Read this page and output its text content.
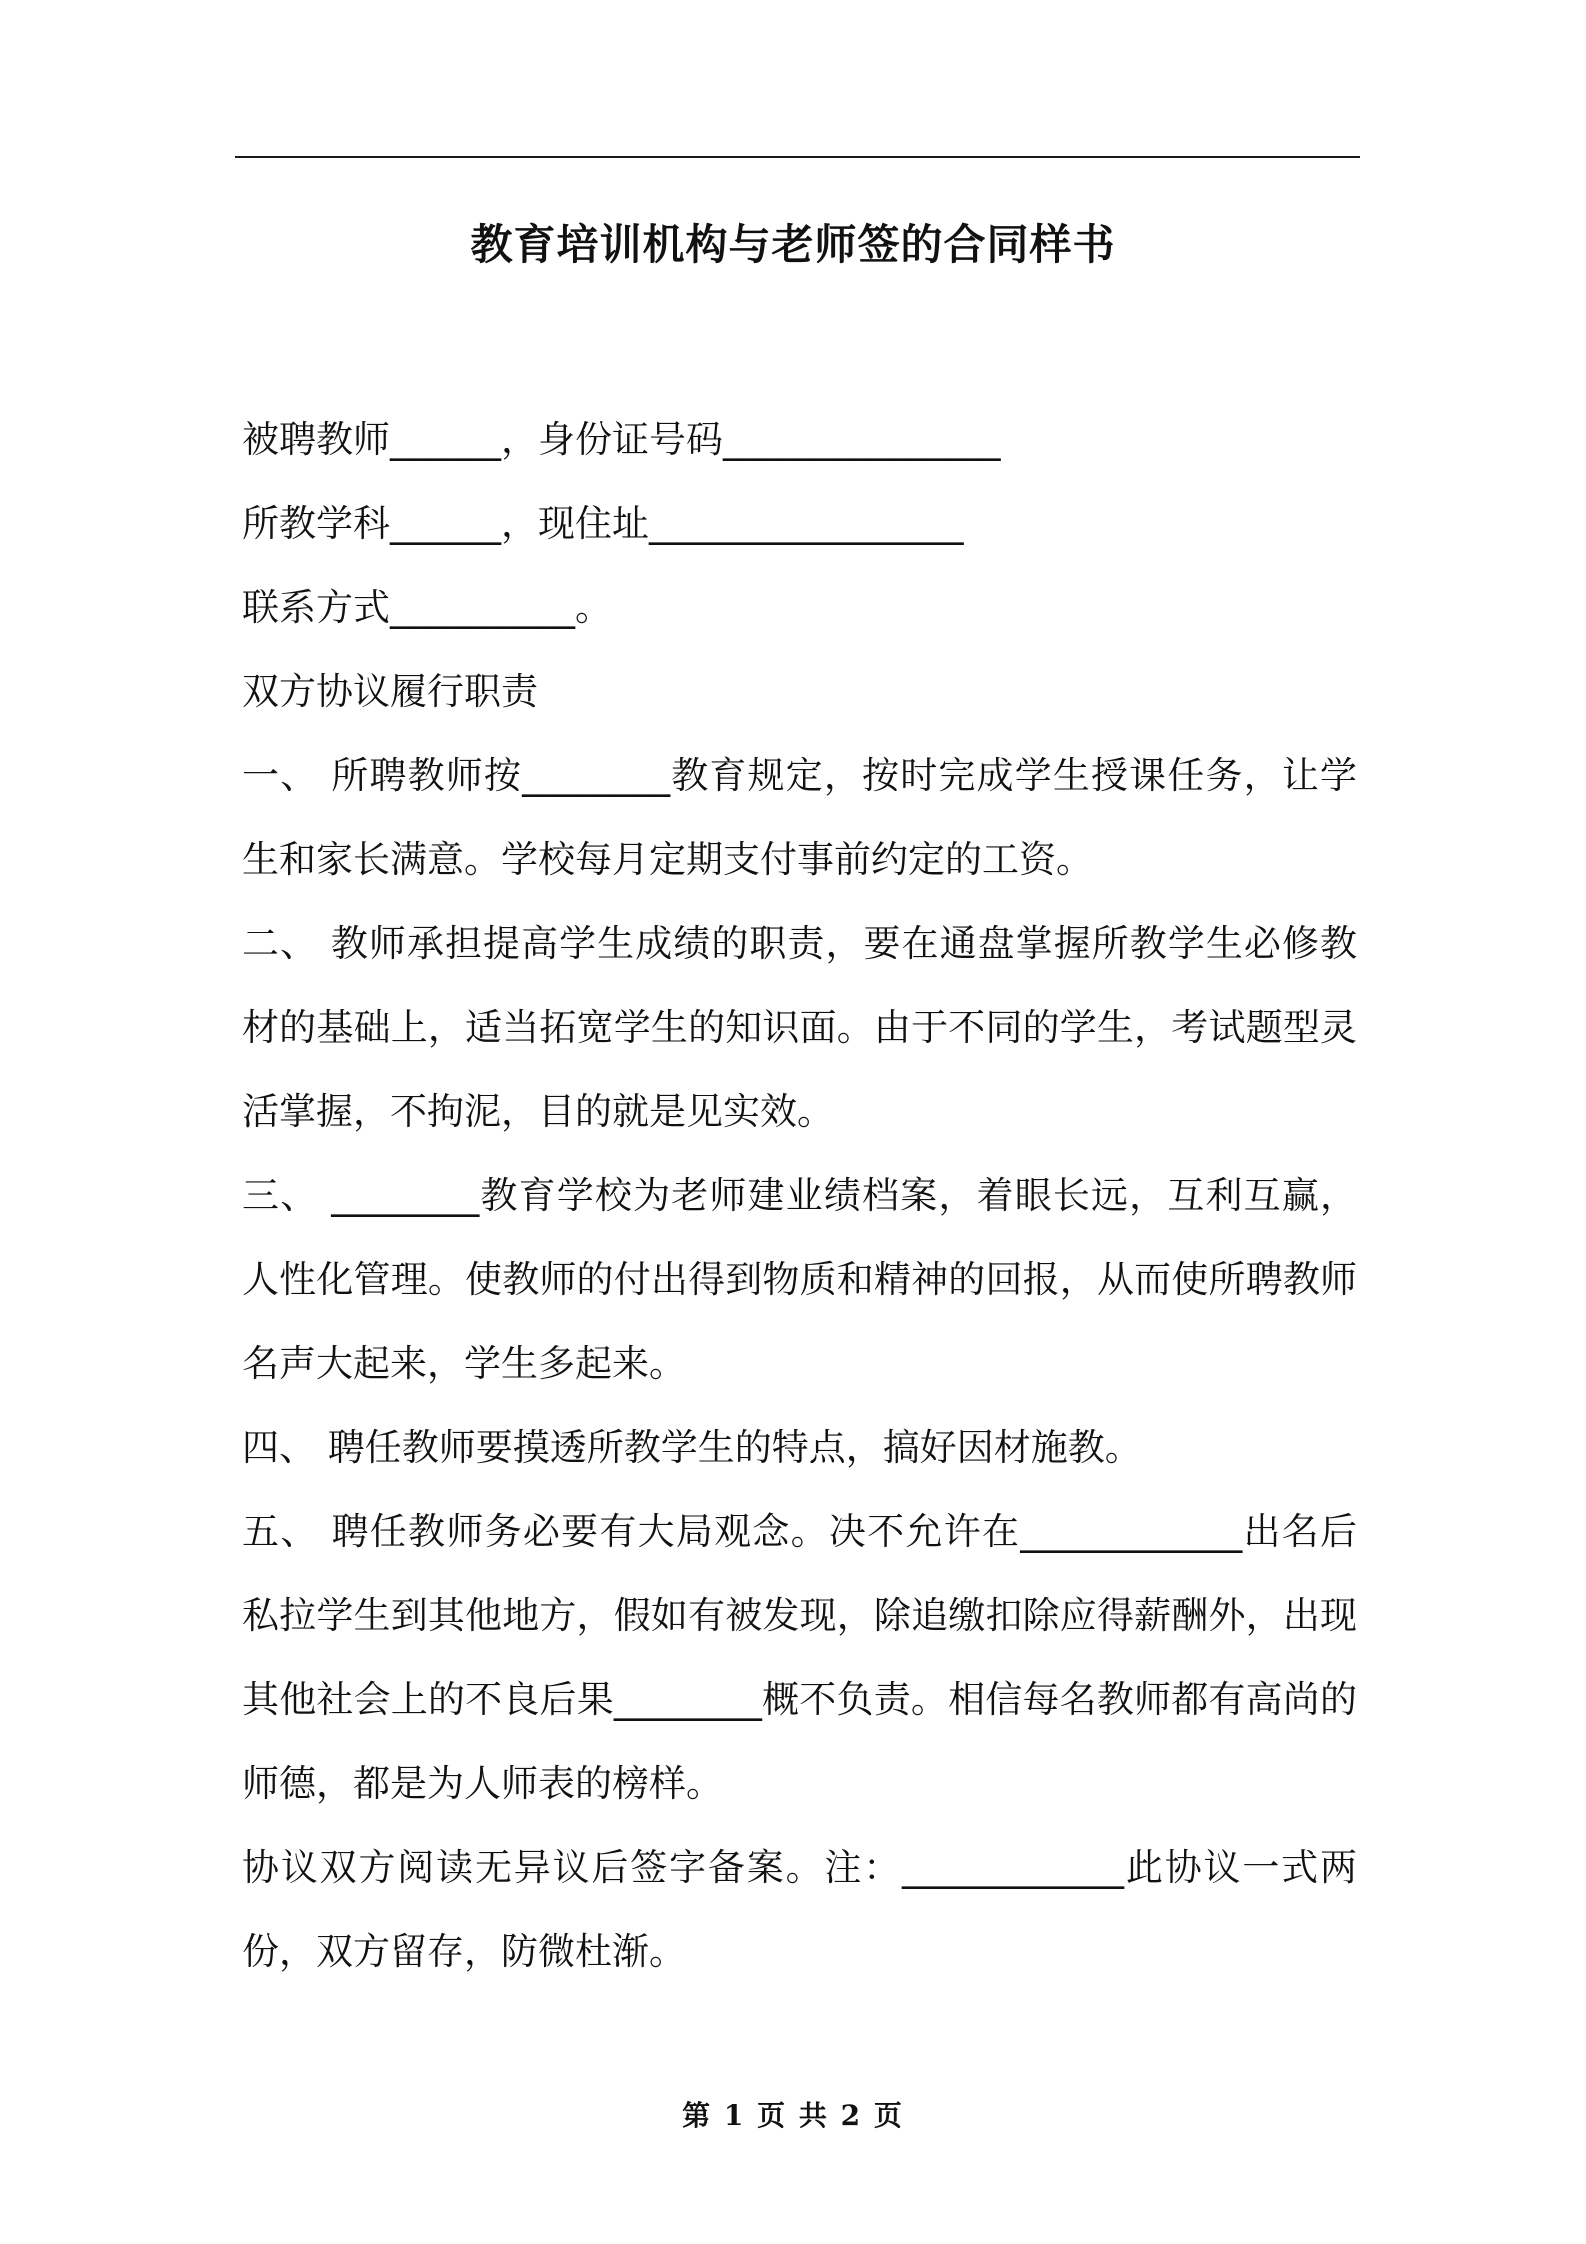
教育培训机构与老师签的合同样书

被聘教师______，身份证号码_______________

所教学科______，现住址_________________

联系方式__________。

双方协议履行职责

一、 所聘教师按________教育规定，按时完成学生授课任务，让学生和家长满意。学校每月定期支付事前约定的工资。

二、 教师承担提高学生成绩的职责，要在通盘掌握所教学生必修教材的基础上，适当拓宽学生的知识面。由于不同的学生，考试题型灵活掌握，不拘泥，目的就是见实效。

三、 ________教育学校为老师建业绩档案，着眼长远，互利互赢，人性化管理。使教师的付出得到物质和精神的回报，从而使所聘教师名声大起来，学生多起来。

四、 聘任教师要摸透所教学生的特点，搞好因材施教。

五、 聘任教师务必要有大局观念。决不允许在____________出名后私拉学生到其他地方，假如有被发现，除追缴扣除应得薪酬外，出现其他社会上的不良后果________概不负责。相信每名教师都有高尚的师德，都是为人师表的榜样。

协议双方阅读无异议后签字备案。注：____________此协议一式两份，双方留存，防微杜渐。

第 1 页 共 2 页
